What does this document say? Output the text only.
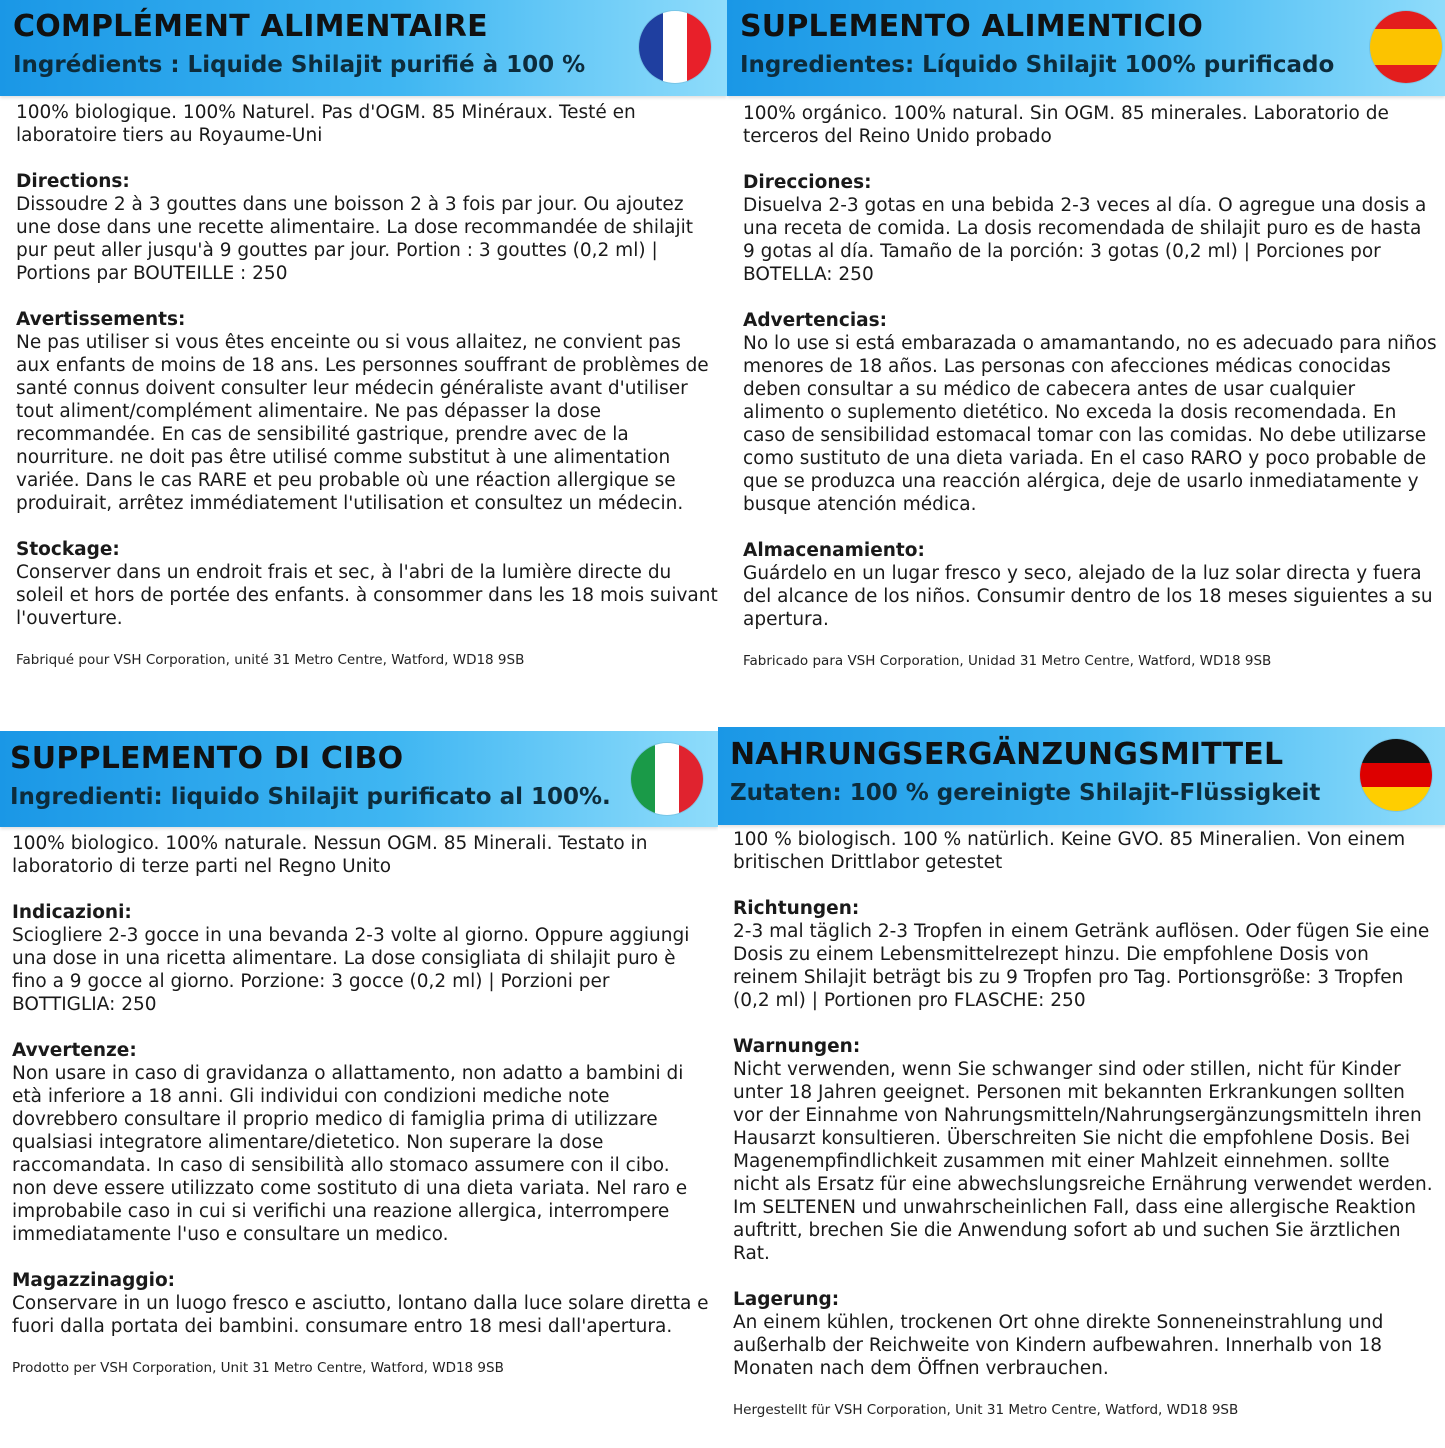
COMPLÉMENT ALIMENTAIRE
Ingrédients : Liquide Shilajit purifié à 100 %

100% biologique. 100% Naturel. Pas d'OGM. 85 Minéraux. Testé en laboratoire tiers au Royaume-Uni

Directions:

Dissoudre 2 à 3 gouttes dans une boisson 2 à 3 fois par jour. Ou ajoutez une dose dans une recette alimentaire. La dose recommandée de shilajit pur peut aller jusqu'à 9 gouttes par jour. Portion : 3 gouttes (0,2 ml) | Portions par BOUTEILLE : 250

Avertissements:

Ne pas utiliser si vous êtes enceinte ou si vous allaitez, ne convient pas aux enfants de moins de 18 ans. Les personnes souffrant de problèmes de santé connus doivent consulter leur médecin généraliste avant d'utiliser tout aliment/complément alimentaire. Ne pas dépasser la dose recommandée. En cas de sensibilité gastrique, prendre avec de la nourriture. ne doit pas être utilisé comme substitut à une alimentation variée. Dans le cas RARE et peu probable où une réaction allergique se produirait, arrêtez immédiatement l'utilisation et consultez un médecin.

Stockage:

Conserver dans un endroit frais et sec, à l'abri de la lumière directe du soleil et hors de portée des enfants. à consommer dans les 18 mois suivant l'ouverture.

Fabriqué pour VSH Corporation, unité 31 Metro Centre, Watford, WD18 9SB

SUPLEMENTO ALIMENTICIO
Ingredientes: Líquido Shilajit 100% purificado

100% orgánico. 100% natural. Sin OGM. 85 minerales. Laboratorio de terceros del Reino Unido probado

Direcciones:

Disuelva 2-3 gotas en una bebida 2-3 veces al día. O agregue una dosis a una receta de comida. La dosis recomendada de shilajit puro es de hasta 9 gotas al día. Tamaño de la porción: 3 gotas (0,2 ml) | Porciones por BOTELLA: 250

Advertencias:

No lo use si está embarazada o amamantando, no es adecuado para niños menores de 18 años. Las personas con afecciones médicas conocidas deben consultar a su médico de cabecera antes de usar cualquier alimento o suplemento dietético. No exceda la dosis recomendada. En caso de sensibilidad estomacal tomar con las comidas. No debe utilizarse como sustituto de una dieta variada. En el caso RARO y poco probable de que se produzca una reacción alérgica, deje de usarlo inmediatamente y busque atención médica.

Almacenamiento:

Guárdelo en un lugar fresco y seco, alejado de la luz solar directa y fuera del alcance de los niños. Consumir dentro de los 18 meses siguientes a su apertura.

Fabricado para VSH Corporation, Unidad 31 Metro Centre, Watford, WD18 9SB

SUPPLEMENTO DI CIBO
Ingredienti: liquido Shilajit purificato al 100%.

100% biologico. 100% naturale. Nessun OGM. 85 Minerali. Testato in laboratorio di terze parti nel Regno Unito

Indicazioni:

Sciogliere 2-3 gocce in una bevanda 2-3 volte al giorno. Oppure aggiungi una dose in una ricetta alimentare. La dose consigliata di shilajit puro è fino a 9 gocce al giorno. Porzione: 3 gocce (0,2 ml) | Porzioni per BOTTIGLIA: 250

Avvertenze:

Non usare in caso di gravidanza o allattamento, non adatto a bambini di età inferiore a 18 anni. Gli individui con condizioni mediche note dovrebbero consultare il proprio medico di famiglia prima di utilizzare qualsiasi integratore alimentare/dietetico. Non superare la dose raccomandata. In caso di sensibilità allo stomaco assumere con il cibo. non deve essere utilizzato come sostituto di una dieta variata. Nel raro e improbabile caso in cui si verifichi una reazione allergica, interrompere immediatamente l'uso e consultare un medico.

Magazzinaggio:

Conservare in un luogo fresco e asciutto, lontano dalla luce solare diretta e fuori dalla portata dei bambini. consumare entro 18 mesi dall'apertura.

Prodotto per VSH Corporation, Unit 31 Metro Centre, Watford, WD18 9SB

NAHRUNGSERGÄNZUNGSMITTEL
Zutaten: 100 % gereinigte Shilajit-Flüssigkeit

100 % biologisch. 100 % natürlich. Keine GVO. 85 Mineralien. Von einem britischen Drittlabor getestet

Richtungen:

2-3 mal täglich 2-3 Tropfen in einem Getränk auflösen. Oder fügen Sie eine Dosis zu einem Lebensmittelrezept hinzu. Die empfohlene Dosis von reinem Shilajit beträgt bis zu 9 Tropfen pro Tag. Portionsgröße: 3 Tropfen (0,2 ml) | Portionen pro FLASCHE: 250

Warnungen:

Nicht verwenden, wenn Sie schwanger sind oder stillen, nicht für Kinder unter 18 Jahren geeignet. Personen mit bekannten Erkrankungen sollten vor der Einnahme von Nahrungsmitteln/Nahrungsergänzungsmitteln ihren Hausarzt konsultieren. Überschreiten Sie nicht die empfohlene Dosis. Bei Magenempfindlichkeit zusammen mit einer Mahlzeit einnehmen. sollte nicht als Ersatz für eine abwechslungsreiche Ernährung verwendet werden. Im SELTENEN und unwahrscheinlichen Fall, dass eine allergische Reaktion auftritt, brechen Sie die Anwendung sofort ab und suchen Sie ärztlichen Rat.

Lagerung:

An einem kühlen, trockenen Ort ohne direkte Sonneneinstrahlung und außerhalb der Reichweite von Kindern aufbewahren. Innerhalb von 18 Monaten nach dem Öffnen verbrauchen.

Hergestellt für VSH Corporation, Unit 31 Metro Centre, Watford, WD18 9SB
